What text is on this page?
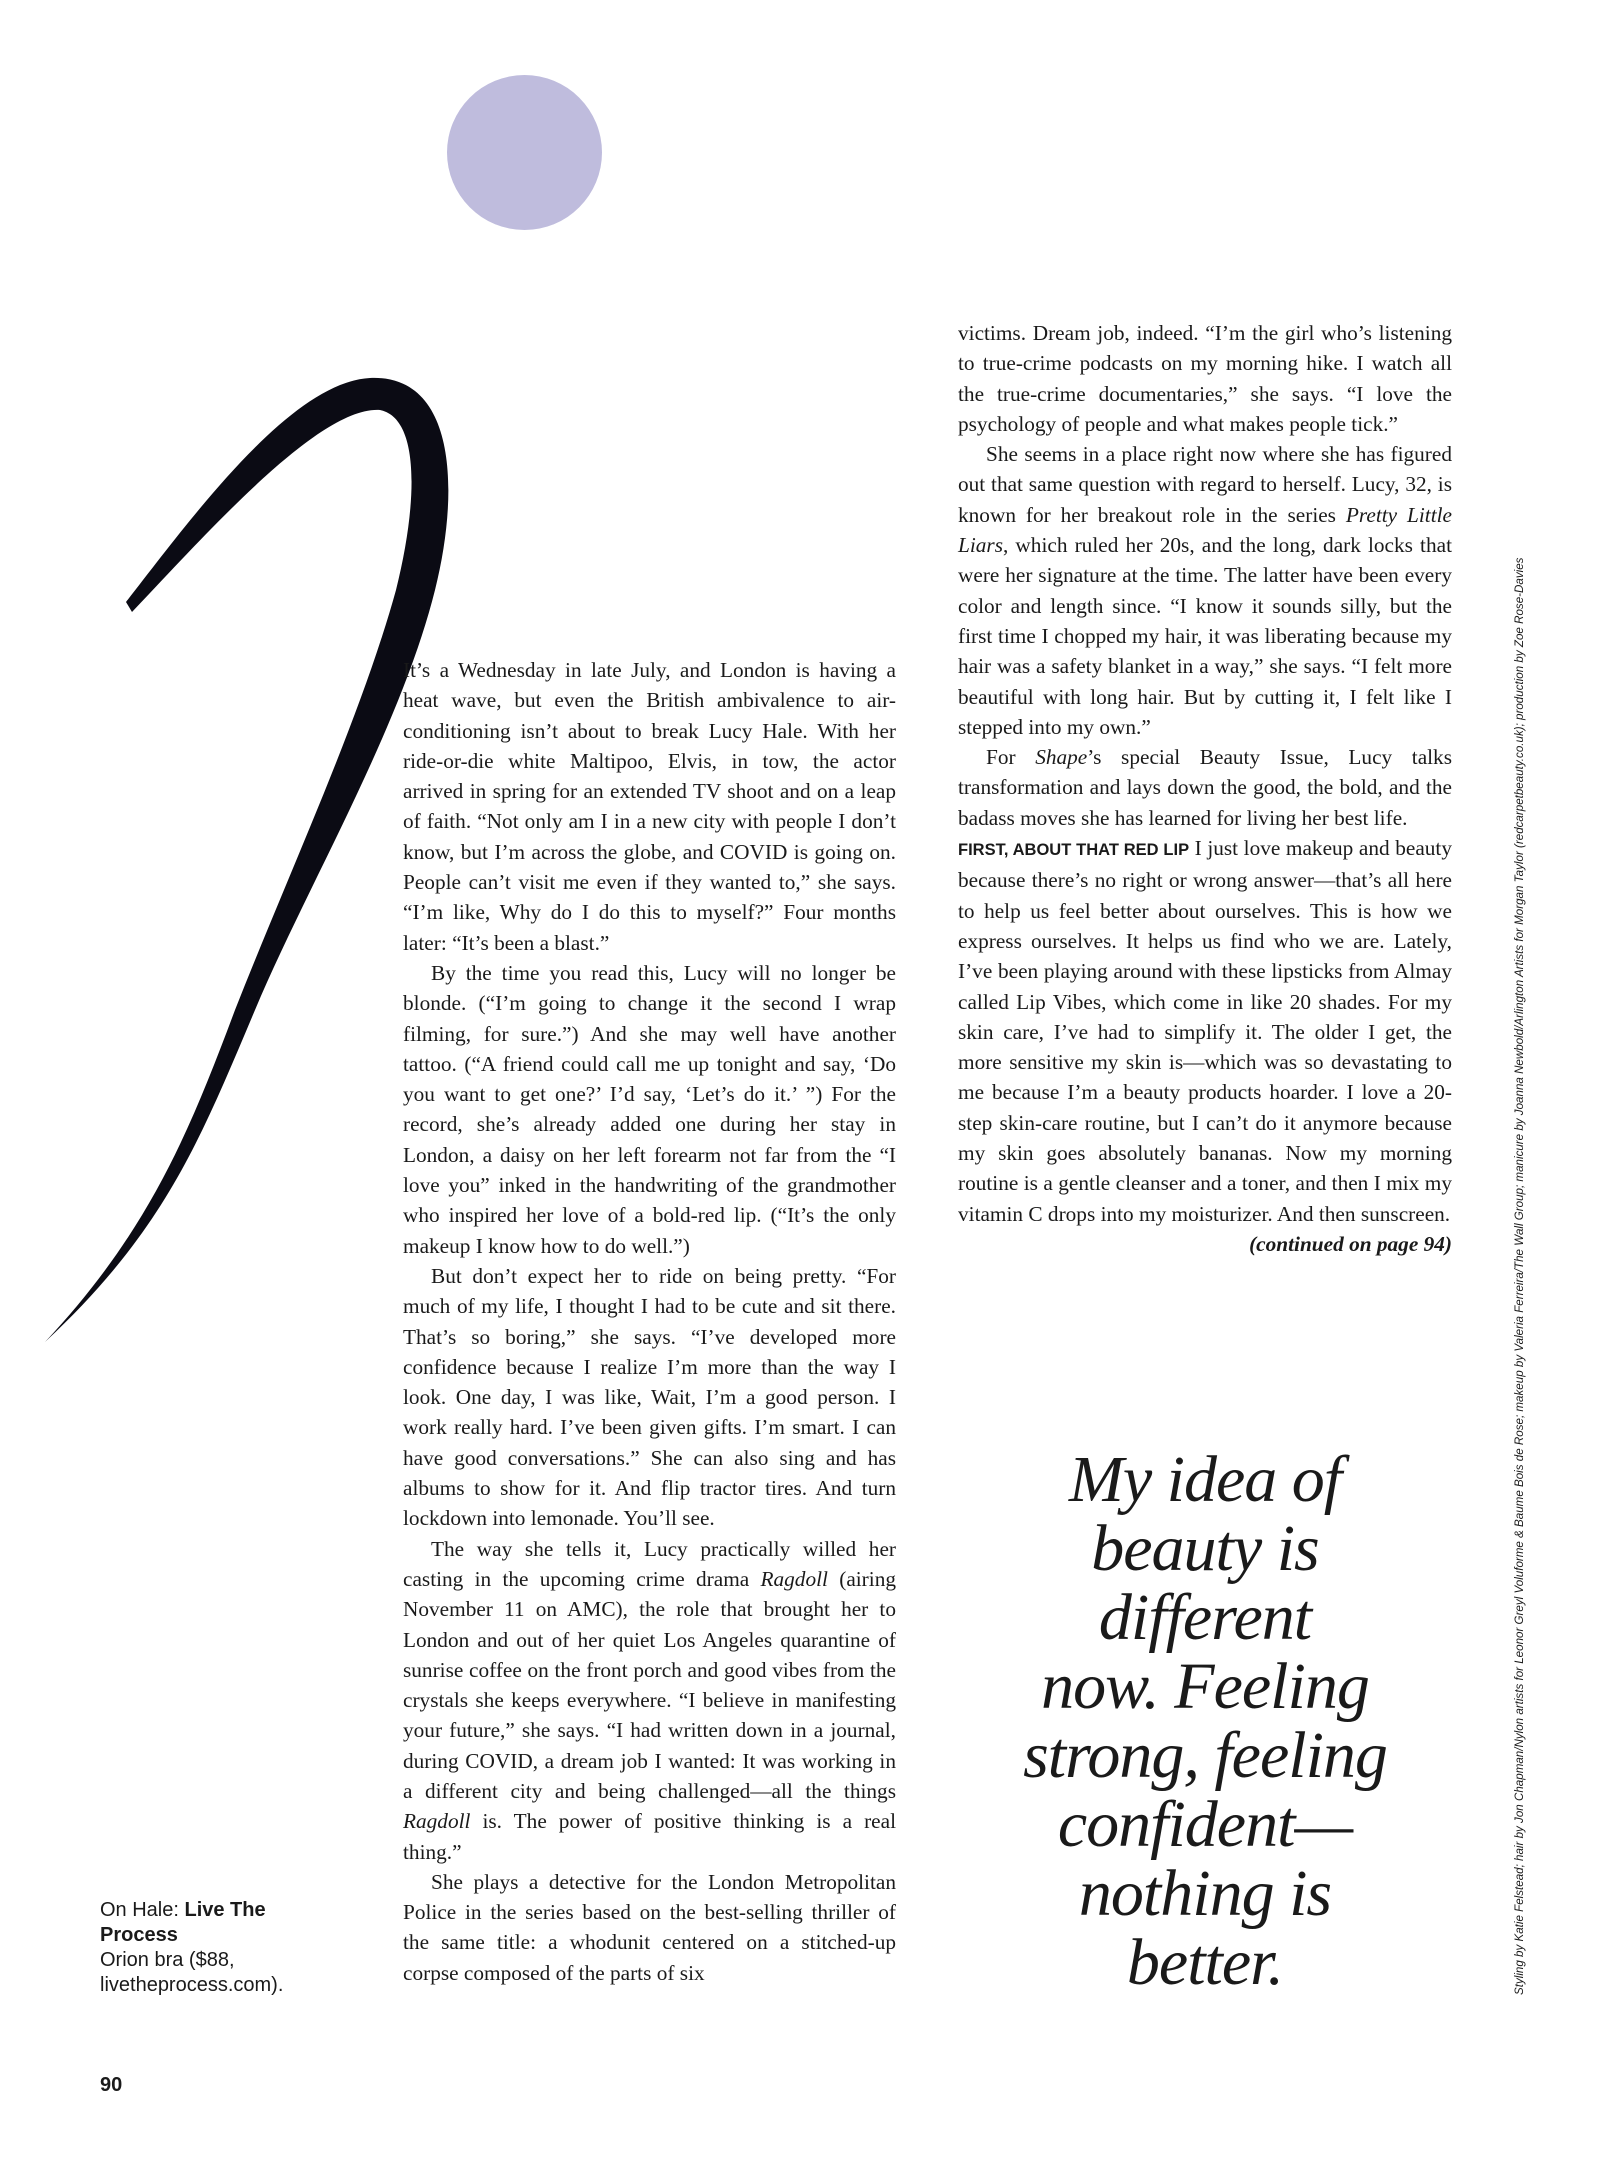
It’s a Wednesday in late July, and London is having a heat wave, but even the British ambivalence to air-conditioning isn’t about to break Lucy Hale. With her ride-or-die white Maltipoo, Elvis, in tow, the actor arrived in spring for an extended TV shoot and on a leap of faith. “Not only am I in a new city with people I don’t know, but I’m across the globe, and COVID is going on. People can’t visit me even if they wanted to,” she says. “I’m like, Why do I do this to myself?” Four months later: “It’s been a blast.”

By the time you read this, Lucy will no longer be blonde. (“I’m going to change it the second I wrap filming, for sure.”) And she may well have another tattoo. (“A friend could call me up tonight and say, ‘Do you want to get one?’ I’d say, ‘Let’s do it.’ ”) For the record, she’s already added one during her stay in London, a daisy on her left forearm not far from the “I love you” inked in the handwriting of the grandmother who inspired her love of a bold-red lip. (“It’s the only makeup I know how to do well.”)

But don’t expect her to ride on being pretty. “For much of my life, I thought I had to be cute and sit there. That’s so boring,” she says. “I’ve developed more confidence because I realize I’m more than the way I look. One day, I was like, Wait, I’m a good person. I work really hard. I’ve been given gifts. I’m smart. I can have good conversations.” She can also sing and has albums to show for it. And flip tractor tires. And turn lockdown into lemonade. You’ll see.

The way she tells it, Lucy practically willed her casting in the upcoming crime drama Ragdoll (airing November 11 on AMC), the role that brought her to London and out of her quiet Los Angeles quarantine of sunrise coffee on the front porch and good vibes from the crystals she keeps everywhere. “I believe in manifesting your future,” she says. “I had written down in a journal, during COVID, a dream job I wanted: It was working in a different city and being challenged—all the things Ragdoll is. The power of positive thinking is a real thing.”

She plays a detective for the London Metropolitan Police in the series based on the best-selling thriller of the same title: a whodunit centered on a stitched-up corpse composed of the parts of six

victims. Dream job, indeed. “I’m the girl who’s listening to true-crime podcasts on my morning hike. I watch all the true-crime documentaries,” she says. “I love the psychology of people and what makes people tick.”

She seems in a place right now where she has figured out that same question with regard to herself. Lucy, 32, is known for her breakout role in the series Pretty Little Liars, which ruled her 20s, and the long, dark locks that were her signature at the time. The latter have been every color and length since. “I know it sounds silly, but the first time I chopped my hair, it was liberating because my hair was a safety blanket in a way,” she says. “I felt more beautiful with long hair. But by cutting it, I felt like I stepped into my own.”

For Shape’s special Beauty Issue, Lucy talks transformation and lays down the good, the bold, and the badass moves she has learned for living her best life.

FIRST, ABOUT THAT RED LIP I just love makeup and beauty because there’s no right or wrong answer—that’s all here to help us feel better about ourselves. This is how we express ourselves. It helps us find who we are. Lately, I’ve been playing around with these lipsticks from Almay called Lip Vibes, which come in like 20 shades. For my skin care, I’ve had to simplify it. The older I get, the more sensitive my skin is—which was so devastating to me because I’m a beauty products hoarder. I love a 20-step skin-care routine, but I can’t do it anymore because my skin goes absolutely bananas. Now my morning routine is a gentle cleanser and a toner, and then I mix my vitamin C drops into my moisturizer. And then sunscreen.
(continued on page 94)

My idea of
beauty is
different
now. Feeling
strong, feeling
confident—
nothing is
better.
On Hale: Live The Process
Orion bra ($88, livetheprocess.com).
90
Styling by Katie Felstead; hair by Jon Chapman/Nylon artists for Leonor Greyl Voluforme & Baume Bois de Rose; makeup by Valeria Ferreira/The Wall Group; manicure by Joanna Newbold/Arlington Artists for Morgan Taylor (redcarpetbeauty.co.uk); production by Zoe Rose-Davies
